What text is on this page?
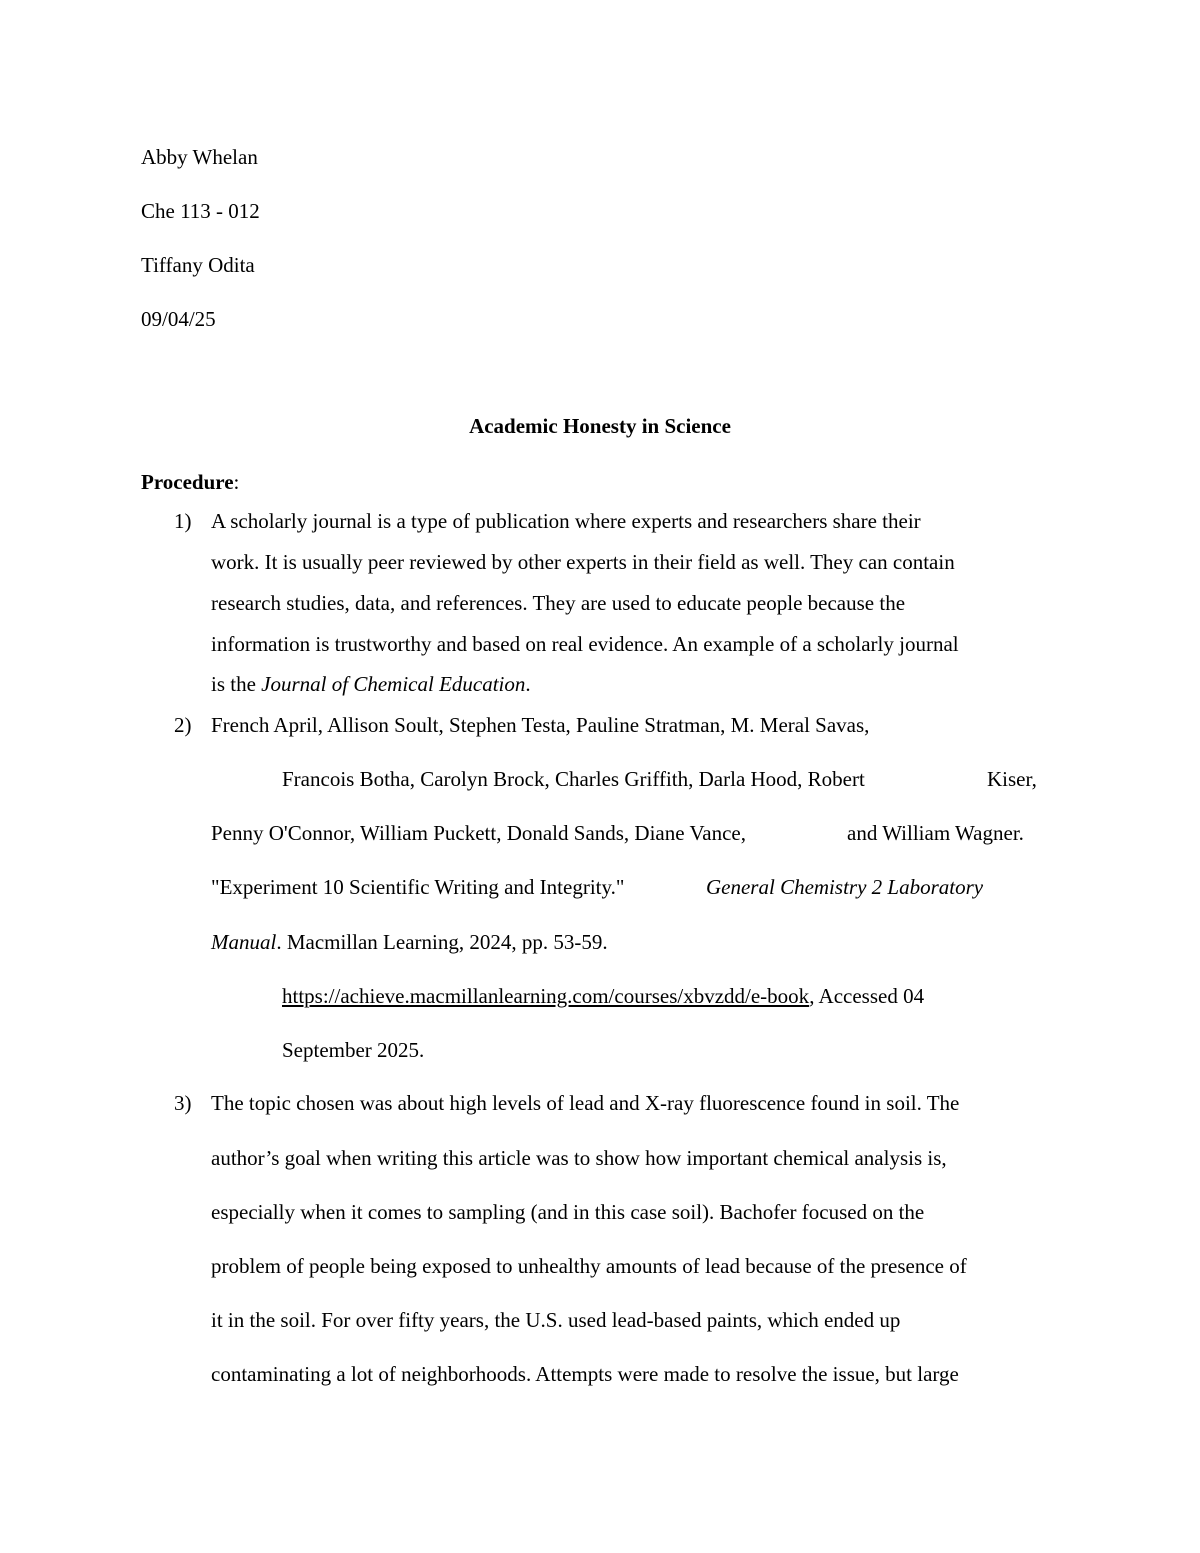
Abby Whelan
Che 113 - 012
Tiffany Odita
09/04/25
Academic Honesty in Science
Procedure:
1) A scholarly journal is a type of publication where experts and researchers share their
work. It is usually peer reviewed by other experts in their field as well. They can contain
research studies, data, and references. They are used to educate people because the
information is trustworthy and based on real evidence. An example of a scholarly journal
is the Journal of Chemical Education.
2) French April, Allison Soult, Stephen Testa, Pauline Stratman, M. Meral Savas,
Francois Botha, Carolyn Brock, Charles Griffith, Darla Hood, Robert	Kiser,
Penny O'Connor, William Puckett, Donald Sands, Diane Vance,	and William Wagner.
"Experiment 10 Scientific Writing and Integrity."	General Chemistry 2 Laboratory
Manual. Macmillan Learning, 2024, pp. 53-59.
https://achieve.macmillanlearning.com/courses/xbvzdd/e-book, Accessed 04
September 2025.
3) The topic chosen was about high levels of lead and X-ray fluorescence found in soil. The
author’s goal when writing this article was to show how important chemical analysis is,
especially when it comes to sampling (and in this case soil). Bachofer focused on the
problem of people being exposed to unhealthy amounts of lead because of the presence of
it in the soil. For over fifty years, the U.S. used lead-based paints, which ended up
contaminating a lot of neighborhoods. Attempts were made to resolve the issue, but large
